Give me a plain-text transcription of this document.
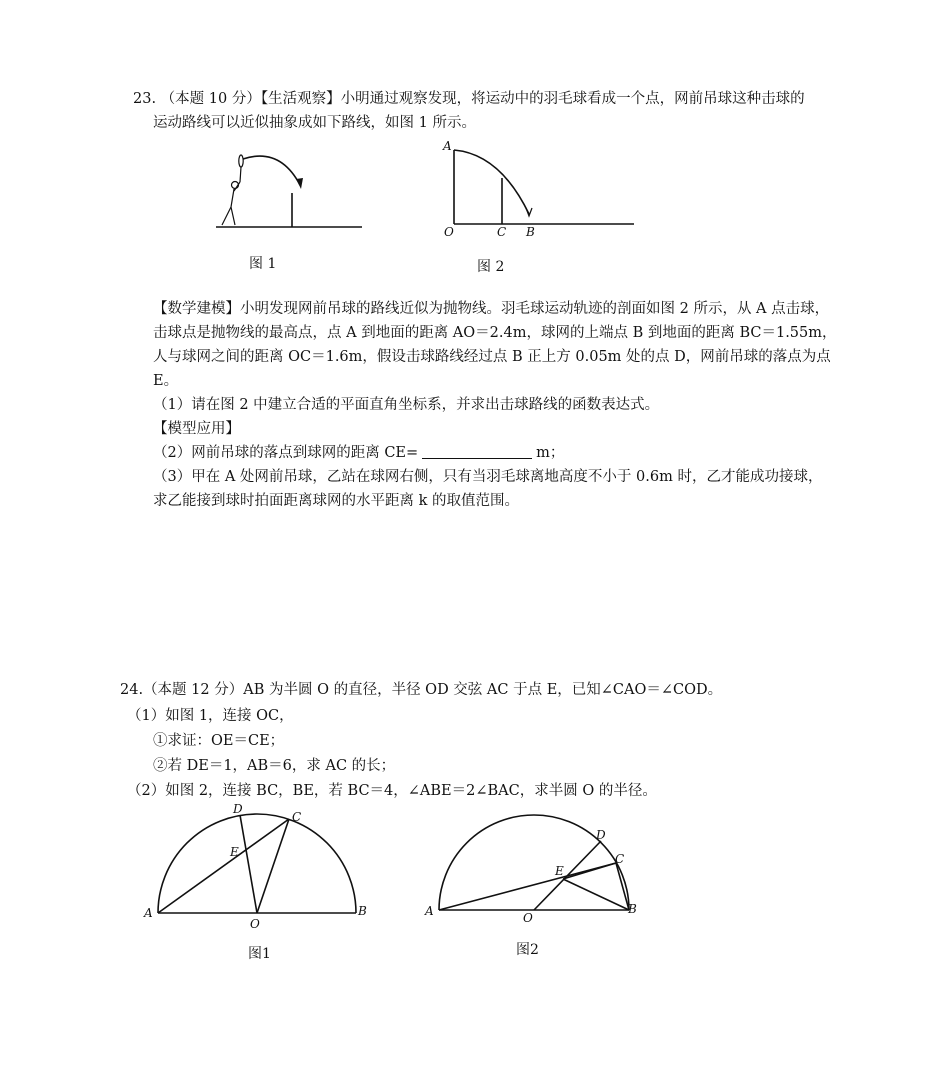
23. （本题 10 分）【生活观察】小明通过观察发现，将运动中的羽毛球看成一个点，网前吊球这种击球的
运动路线可以近似抽象成如下路线，如图 1 所示。
图 1
A
O	C B
图 2
【数学建模】小明发现网前吊球的路线近似为抛物线。羽毛球运动轨迹的剖面如图 2 所示，从 A 点击球，
击球点是抛物线的最高点，点 A 到地面的距离 AO＝2.4m，球网的上端点 B 到地面的距离 BC＝1.55m，
人与球网之间的距离 OC＝1.6m，假设击球路线经过点 B 正上方 0.05m 处的点 D，网前吊球的落点为点
E。
（1）请在图 2 中建立合适的平面直角坐标系，并求出击球路线的函数表达式。
【模型应用】
（2）网前吊球的落点到球网的距离 CE=	m；
（3）甲在 A 处网前吊球，乙站在球网右侧，只有当羽毛球离地高度不小于 0.6m 时，乙才能成功接球，
求乙能接到球时拍面距离球网的水平距离 k 的取值范围。
24.（本题 12 分）AB 为半圆 O 的直径，半径 OD 交弦 AC 于点 E，已知∠CAO＝∠COD。
（1）如图 1，连接 OC，
①求证：OE＝CE；
②若 DE＝1，AB＝6，求 AC 的长；
（2）如图 2，连接 BC，BE，若 BC＝4，∠ABE＝2∠BAC，求半圆 O 的半径。
A	B
O
D
C
E
图1
A	B
O
D
C
E
图2
